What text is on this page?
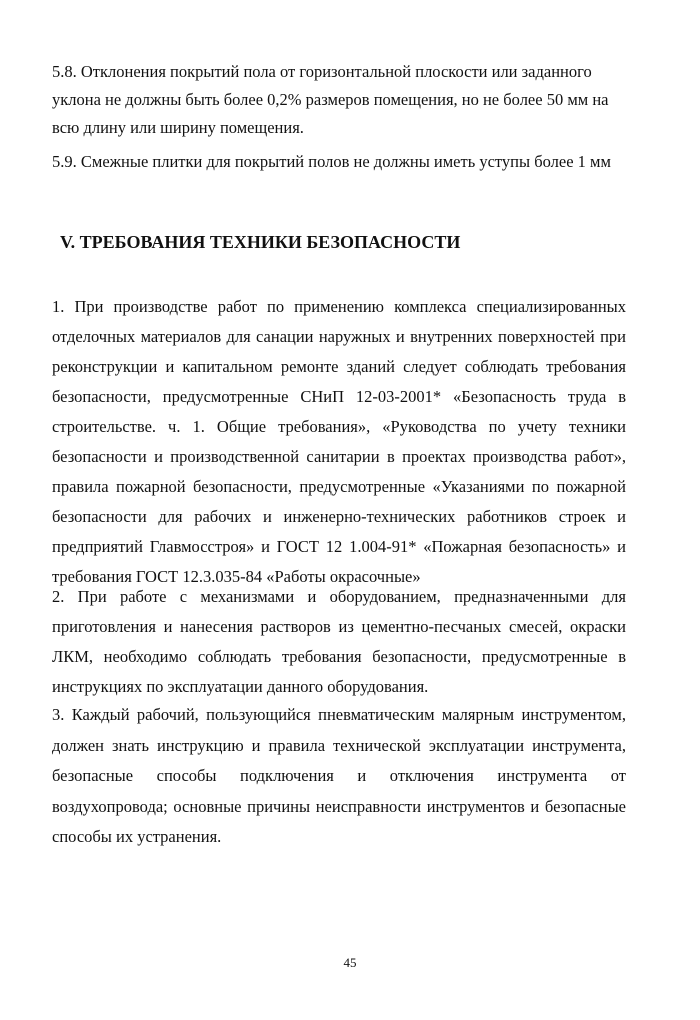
5.8. Отклонения покрытий пола от горизонтальной плоскости или заданного уклона не должны быть более 0,2% размеров помещения, но не более 50 мм на всю длину или ширину помещения.
5.9. Смежные плитки для покрытий полов не должны иметь уступы более 1 мм
V. ТРЕБОВАНИЯ ТЕХНИКИ БЕЗОПАСНОСТИ

1. При производстве работ по применению комплекса специализированных отделочных материалов для санации наружных и внутренних поверхностей при реконструкции и капитальном ремонте зданий следует соблюдать требования безопасности, предусмотренные СНиП 12-03-2001* «Безопасность труда в строительстве. ч. 1. Общие требования», «Руководства по учету техники безопасности и производственной санитарии в проектах производства работ», правила пожарной безопасности, предусмотренные «Указаниями по пожарной безопасности для рабочих и инженерно-технических работников строек и предприятий Главмосстроя» и ГОСТ 12 1.004-91* «Пожарная безопасность» и требования ГОСТ 12.3.035-84 «Работы окрасочные»

2. При работе с механизмами и оборудованием, предназначенными для приготовления и нанесения растворов из цементно-песчаных смесей, окраски ЛКМ, необходимо соблюдать требования безопасности, предусмотренные в инструкциях по эксплуатации данного оборудования.

3. Каждый рабочий, пользующийся пневматическим малярным инструментом, должен знать инструкцию и правила технической эксплуатации инструмента, безопасные способы подключения и отключения инструмента от воздухопровода; основные причины неисправности инструментов и безопасные способы их устранения.

45
